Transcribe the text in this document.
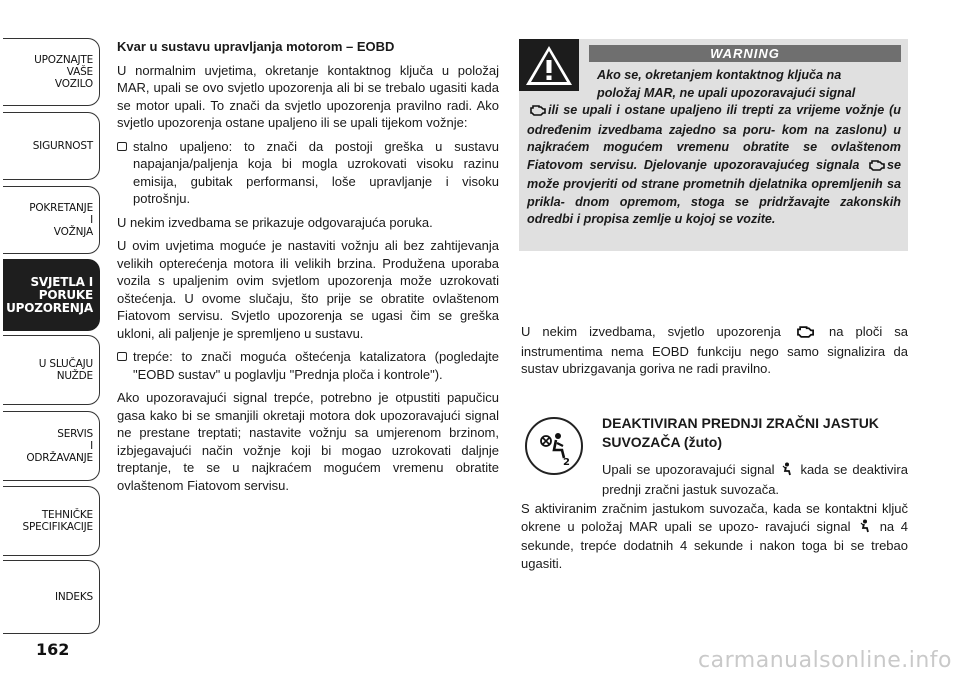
UPOZNAJTE
VAŠE
VOZILO
SIGURNOST
POKRETANJE
I
VOŽNJA
SVJETLA I
PORUKE
UPOZORENJA
U SLUČAJU
NUŽDE
SERVIS
I
ODRŽAVANJE
TEHNIČKE
SPECIFIKACIJE
INDEKS
162
Kvar u sustavu upravljanja motorom – EOBD

U normalnim uvjetima, okretanje kontaktnog ključa u položaj MAR, upali se ovo svjetlo upozorenja ali bi se trebalo ugasiti kada se motor upali. To znači da svjetlo upozorenja pravilno radi. Ako svjetlo upozorenja ostane upaljeno ili se upali tijekom vožnje:

stalno upaljeno: to znači da postoji greška u sustavu napajanja/paljenja koja bi mogla uzrokovati visoku razinu emisija, gubitak performansi, loše upravljanje i visoku potrošnju.

U nekim izvedbama se prikazuje odgovarajuća poruka.

U ovim uvjetima moguće je nastaviti vožnju ali bez zahtijevanja velikih opterećenja motora ili velikih brzina. Produžena uporaba vozila s upaljenim ovim svjetlom upozorenja može uzrokovati oštećenja. U ovome slučaju, što prije se obratite ovlaštenom Fiatovom servisu. Svjetlo upozorenja se ugasi čim se greška ukloni, ali paljenje je spremljeno u sustavu.

trepće: to znači moguća oštećenja katalizatora (pogledajte "EOBD sustav" u poglavlju "Prednja ploča i kontrole").

Ako upozoravajući signal trepće, potrebno je otpustiti papučicu gasa kako bi se smanjili okretaji motora dok upozoravajući signal ne prestane treptati; nastavite vožnju sa umjerenom brzinom, izbjegavajući način vožnje koji bi mogao uzrokovati daljnje treptanje, te se u najkraćem mogućem vremenu obratite ovlaštenom Fiatovom servisu.

WARNING
Ako se, okretanjem kontaktnog ključa na
položaj MAR, ne upali upozoravajući signal
ili se upali i ostane upaljeno ili trepti za vrijeme vožnje (u određenim izvedbama zajedno sa poru- kom na zaslonu) u najkraćem mogućem vremenu obratite se ovlaštenom Fiatovom servisu. Djelovanje upozoravajućeg signala se može provjeriti od strane prometnih djelatnika opremljenih sa prikla- dnom opremom, stoga se pridržavajte zakonskih odredbi i propisa zemlje u kojoj se vozite.

U nekim izvedbama, svjetlo upozorenja	na ploči sa instrumentima nema EOBD funkciju nego samo signalizira da sustav ubrizgavanja goriva ne radi pravilno.

2
DEAKTIVIRAN PREDNJI ZRAČNI JASTUK SUVOZAČA (žuto)

Upali se upozoravajući signal kada se deaktivira prednji zračni jastuk suvozača.

S aktiviranim zračnim jastukom suvozača, kada se kontaktni ključ okrene u položaj MAR upali se upozo- ravajući signal na 4 sekunde, trepće dodatnih 4 sekunde i nakon toga bi se trebao ugasiti.

carmanualsonline.info
